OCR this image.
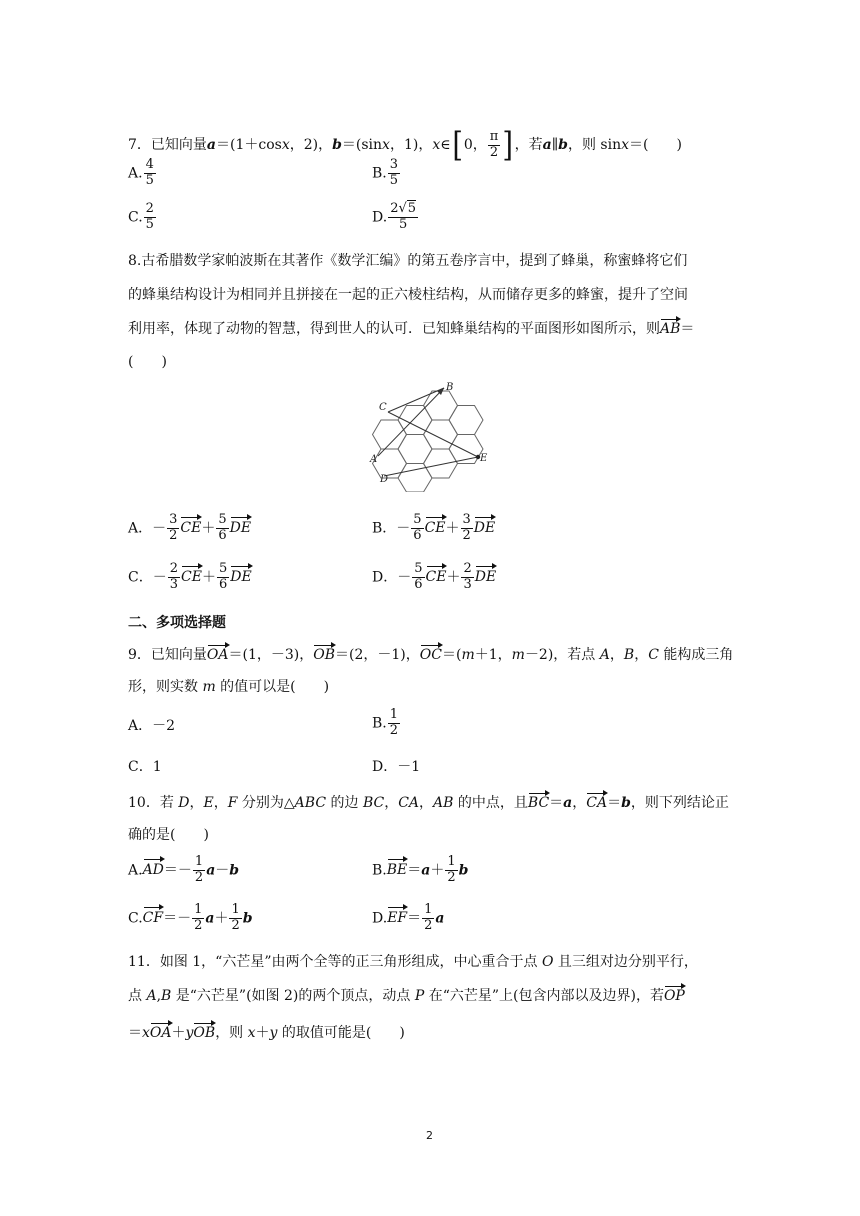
7．已知向量a＝(1＋cosx，2)，b＝(sinx，1)，x∈[0， $\frac{\pi}{2}$ ]，若a∥b，则 sinx＝(　　)
A. $\frac{4}{5}$	B. $\frac{3}{5}$
C. $\frac{2}{5}$	D. $\frac{2√5}{5}$
8.古希腊数学家帕波斯在其著作《数学汇编》的第五卷序言中，提到了蜂巢，称蜜蜂将它们
的蜂巢结构设计为相同并且拼接在一起的正六棱柱结构，从而储存更多的蜂蜜，提升了空间
利用率，体现了动物的智慧，得到世人的认可．已知蜂巢结构的平面图形如图所示，则AB＝
(　　)
B
C
A
D
E
A．－ $\frac{3}{2} CE+ \frac{5}{6}$ DE	B．－ $\frac{5}{6} CE+ \frac{3}{2}$ DE
C．－ $\frac{2}{3} CE+ \frac{5}{6}$ DE	D．－ $\frac{5}{6} CE+ \frac{2}{3}$ DE
二、多项选择题
9．已知向量OA＝(1，－3)，OB＝(2，－1)，OC＝(m＋1，m－2)，若点 A，B，C 能构成三角
形，则实数 m 的值可以是(　　)
A．－2	B. $\frac{1}{2}$
C．1	D．－1
10．若 D，E，F 分别为△ABC 的边 BC，CA，AB 的中点，且BC＝a，CA＝b，则下列结论正
确的是(　　)
$A.AD=- \frac{1}{2} a-b$	$B.BE=a+ \frac{1}{2}$ b
$C.CF=- \frac{1}{2} a+ \frac{1}{2}$ b	$D.EF= \frac{1}{2}$ a
11．如图 1，“六芒星”由两个全等的正三角形组成，中心重合于点 O 且三组对边分别平行，
点 A,B 是“六芒星”(如图 2)的两个顶点，动点 P 在“六芒星”上(包含内部以及边界)，若OP
＝xOA＋yOB，则 x＋y 的取值可能是(　　)
2
